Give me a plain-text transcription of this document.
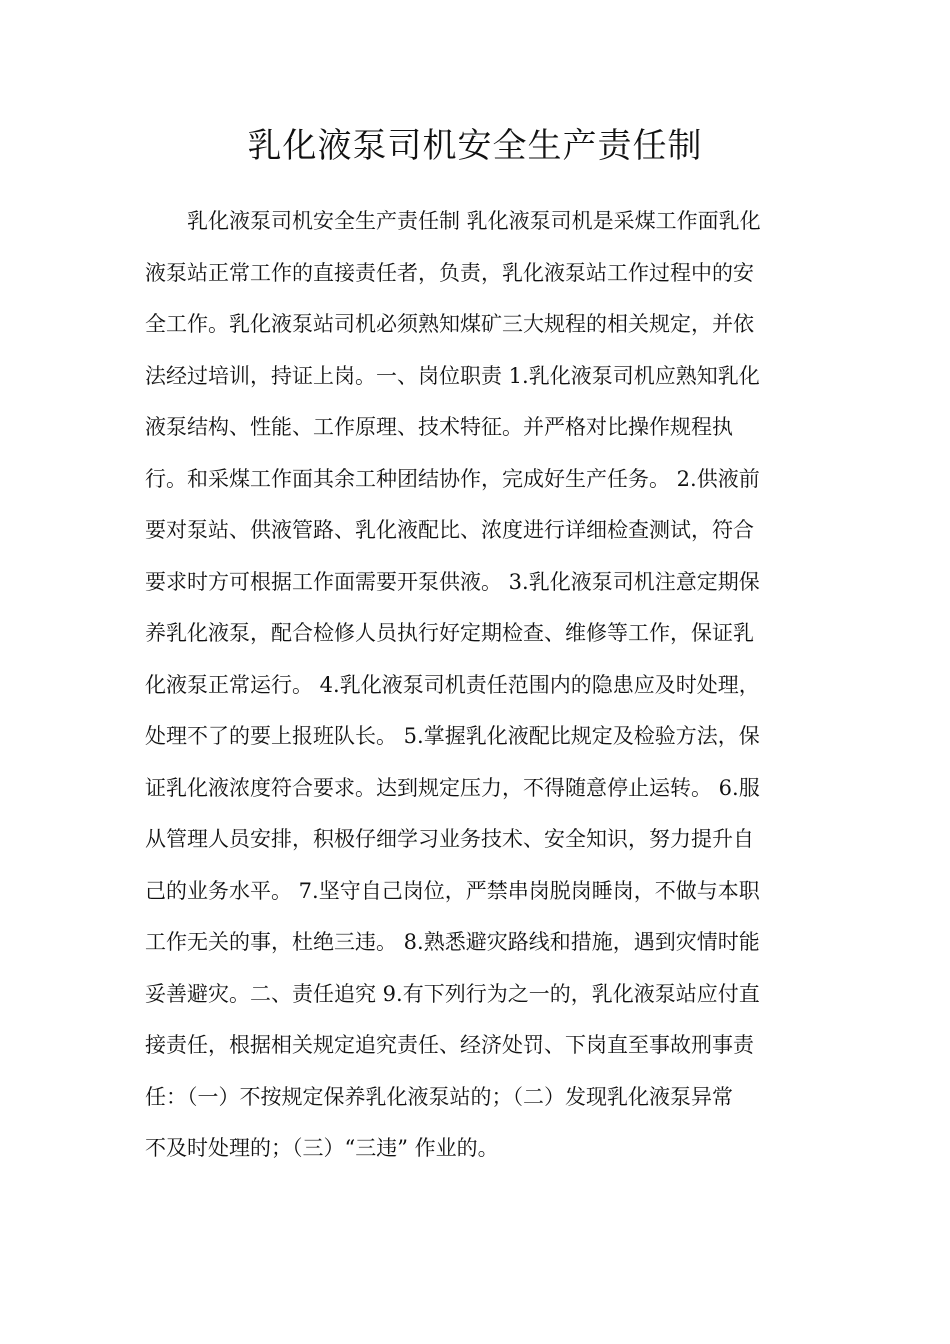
乳化液泵司机安全生产责任制
乳化液泵司机安全生产责任制 乳化液泵司机是采煤工作面乳化
液泵站正常工作的直接责任者，负责，乳化液泵站工作过程中的安
全工作。乳化液泵站司机必须熟知煤矿三大规程的相关规定，并依
法经过培训，持证上岗。一、岗位职责 1.乳化液泵司机应熟知乳化
液泵结构、性能、工作原理、技术特征。并严格对比操作规程执
行。和采煤工作面其余工种团结协作，完成好生产任务。 2.供液前
要对泵站、供液管路、乳化液配比、浓度进行详细检查测试，符合
要求时方可根据工作面需要开泵供液。 3.乳化液泵司机注意定期保
养乳化液泵，配合检修人员执行好定期检查、维修等工作，保证乳
化液泵正常运行。 4.乳化液泵司机责任范围内的隐患应及时处理，
处理不了的要上报班队长。 5.掌握乳化液配比规定及检验方法，保
证乳化液浓度符合要求。达到规定压力，不得随意停止运转。 6.服
从管理人员安排，积极仔细学习业务技术、安全知识，努力提升自
己的业务水平。 7.坚守自己岗位，严禁串岗脱岗睡岗，不做与本职
工作无关的事，杜绝三违。 8.熟悉避灾路线和措施，遇到灾情时能
妥善避灾。二、责任追究 9.有下列行为之一的，乳化液泵站应付直
接责任，根据相关规定追究责任、经济处罚、下岗直至事故刑事责
任：（一）不按规定保养乳化液泵站的；（二）发现乳化液泵异常
不及时处理的；（三）“三违” 作业的。
